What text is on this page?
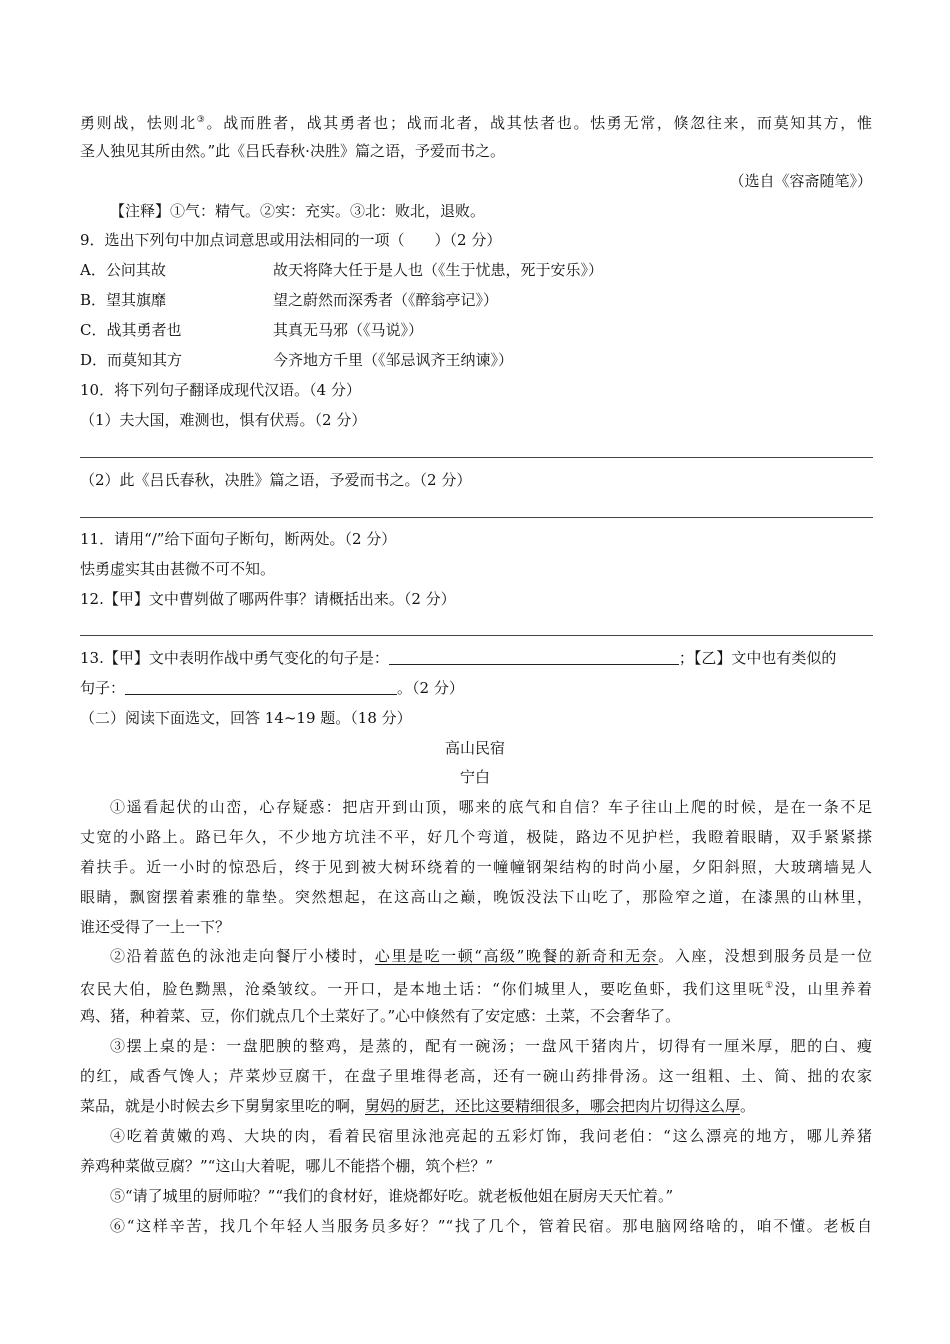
勇则战，怯则北③。战而胜者，战其勇者也；战而北者，战其怯者也。怯勇无常，倏忽往来，而莫知其方，惟
圣人独见其所由然。”此《吕氏春秋·决胜》篇之语，予爱而书之。
（选自《容斋随笔》）
【注释】①气：精气。②实：充实。③北：败北，退败。
9．选出下列句中加点词意思或用法相同的一项（　　）（2 分）
A．公问其故	故天将降大任于是人也（《生于忧患，死于安乐》）
B．望其旗靡	望之蔚然而深秀者（《醉翁亭记》）
C．战其勇者也	其真无马邪（《马说》）
D．而莫知其方	今齐地方千里（《邹忌讽齐王纳谏》）
10．将下列句子翻译成现代汉语。（4 分）
（1）夫大国，难测也，惧有伏焉。（2 分）
（2）此《吕氏春秋，决胜》篇之语，予爱而书之。（2 分）
11．请用“/”给下面句子断句，断两处。（2 分）
怯勇虚实其由甚微不可不知。
12.【甲】文中曹刿做了哪两件事？请概括出来。（2 分）
13.【甲】文中表明作战中勇气变化的句子是：	；【乙】文中也有类似的
句子：	。（2 分）
（二）阅读下面选文，回答 14~19 题。（18 分）
高山民宿
宁白
①遥看起伏的山峦，心存疑惑：把店开到山顶，哪来的底气和自信？车子往山上爬的时候，是在一条不足
丈宽的小路上。路已年久，不少地方坑洼不平，好几个弯道，极陡，路边不见护栏，我瞪着眼睛，双手紧紧搽
着扶手。近一小时的惊恐后，终于见到被大树环绕着的一幢幢钢架结构的时尚小屋，夕阳斜照，大玻璃墙晃人
眼睛，飘窗摆着素雅的靠垫。突然想起，在这高山之巅，晚饭没法下山吃了，那险窄之道，在漆黑的山林里，
谁还受得了一上一下？
②沿着蓝色的泳池走向餐厅小楼时，心里是吃一顿“高级”晚餐的新奇和无奈。入座，没想到服务员是一位
农民大伯，脸色黝黑，沧桑皱纹。一开口，是本地土话：“你们城里人，要吃鱼虾，我们这里呒①没，山里养着
鸡、猪，种着菜、豆，你们就点几个土菜好了。”心中倏然有了安定感：土菜，不会奢华了。
③摆上桌的是：一盘肥腴的整鸡，是蒸的，配有一碗汤；一盘风干猪肉片，切得有一厘米厚，肥的白、瘦
的红，咸香气馋人；芹菜炒豆腐干，在盘子里堆得老高，还有一碗山药排骨汤。这一组粗、土、简、拙的农家
菜品，就是小时候去乡下舅舅家里吃的啊，舅妈的厨艺，还比这要精细很多，哪会把肉片切得这么厚。
④吃着黄嫩的鸡、大块的肉，看着民宿里泳池亮起的五彩灯饰，我问老伯：“这么漂亮的地方，哪儿养猪
养鸡种菜做豆腐？”“这山大着呢，哪儿不能搭个棚，筑个栏？”
⑤“请了城里的厨师啦？”“我们的食材好，谁烧都好吃。就老板他姐在厨房天天忙着。”
⑥“这样辛苦，找几个年轻人当服务员多好？”“找了几个，管着民宿。那电脑网络啥的，咱不懂。老板自
